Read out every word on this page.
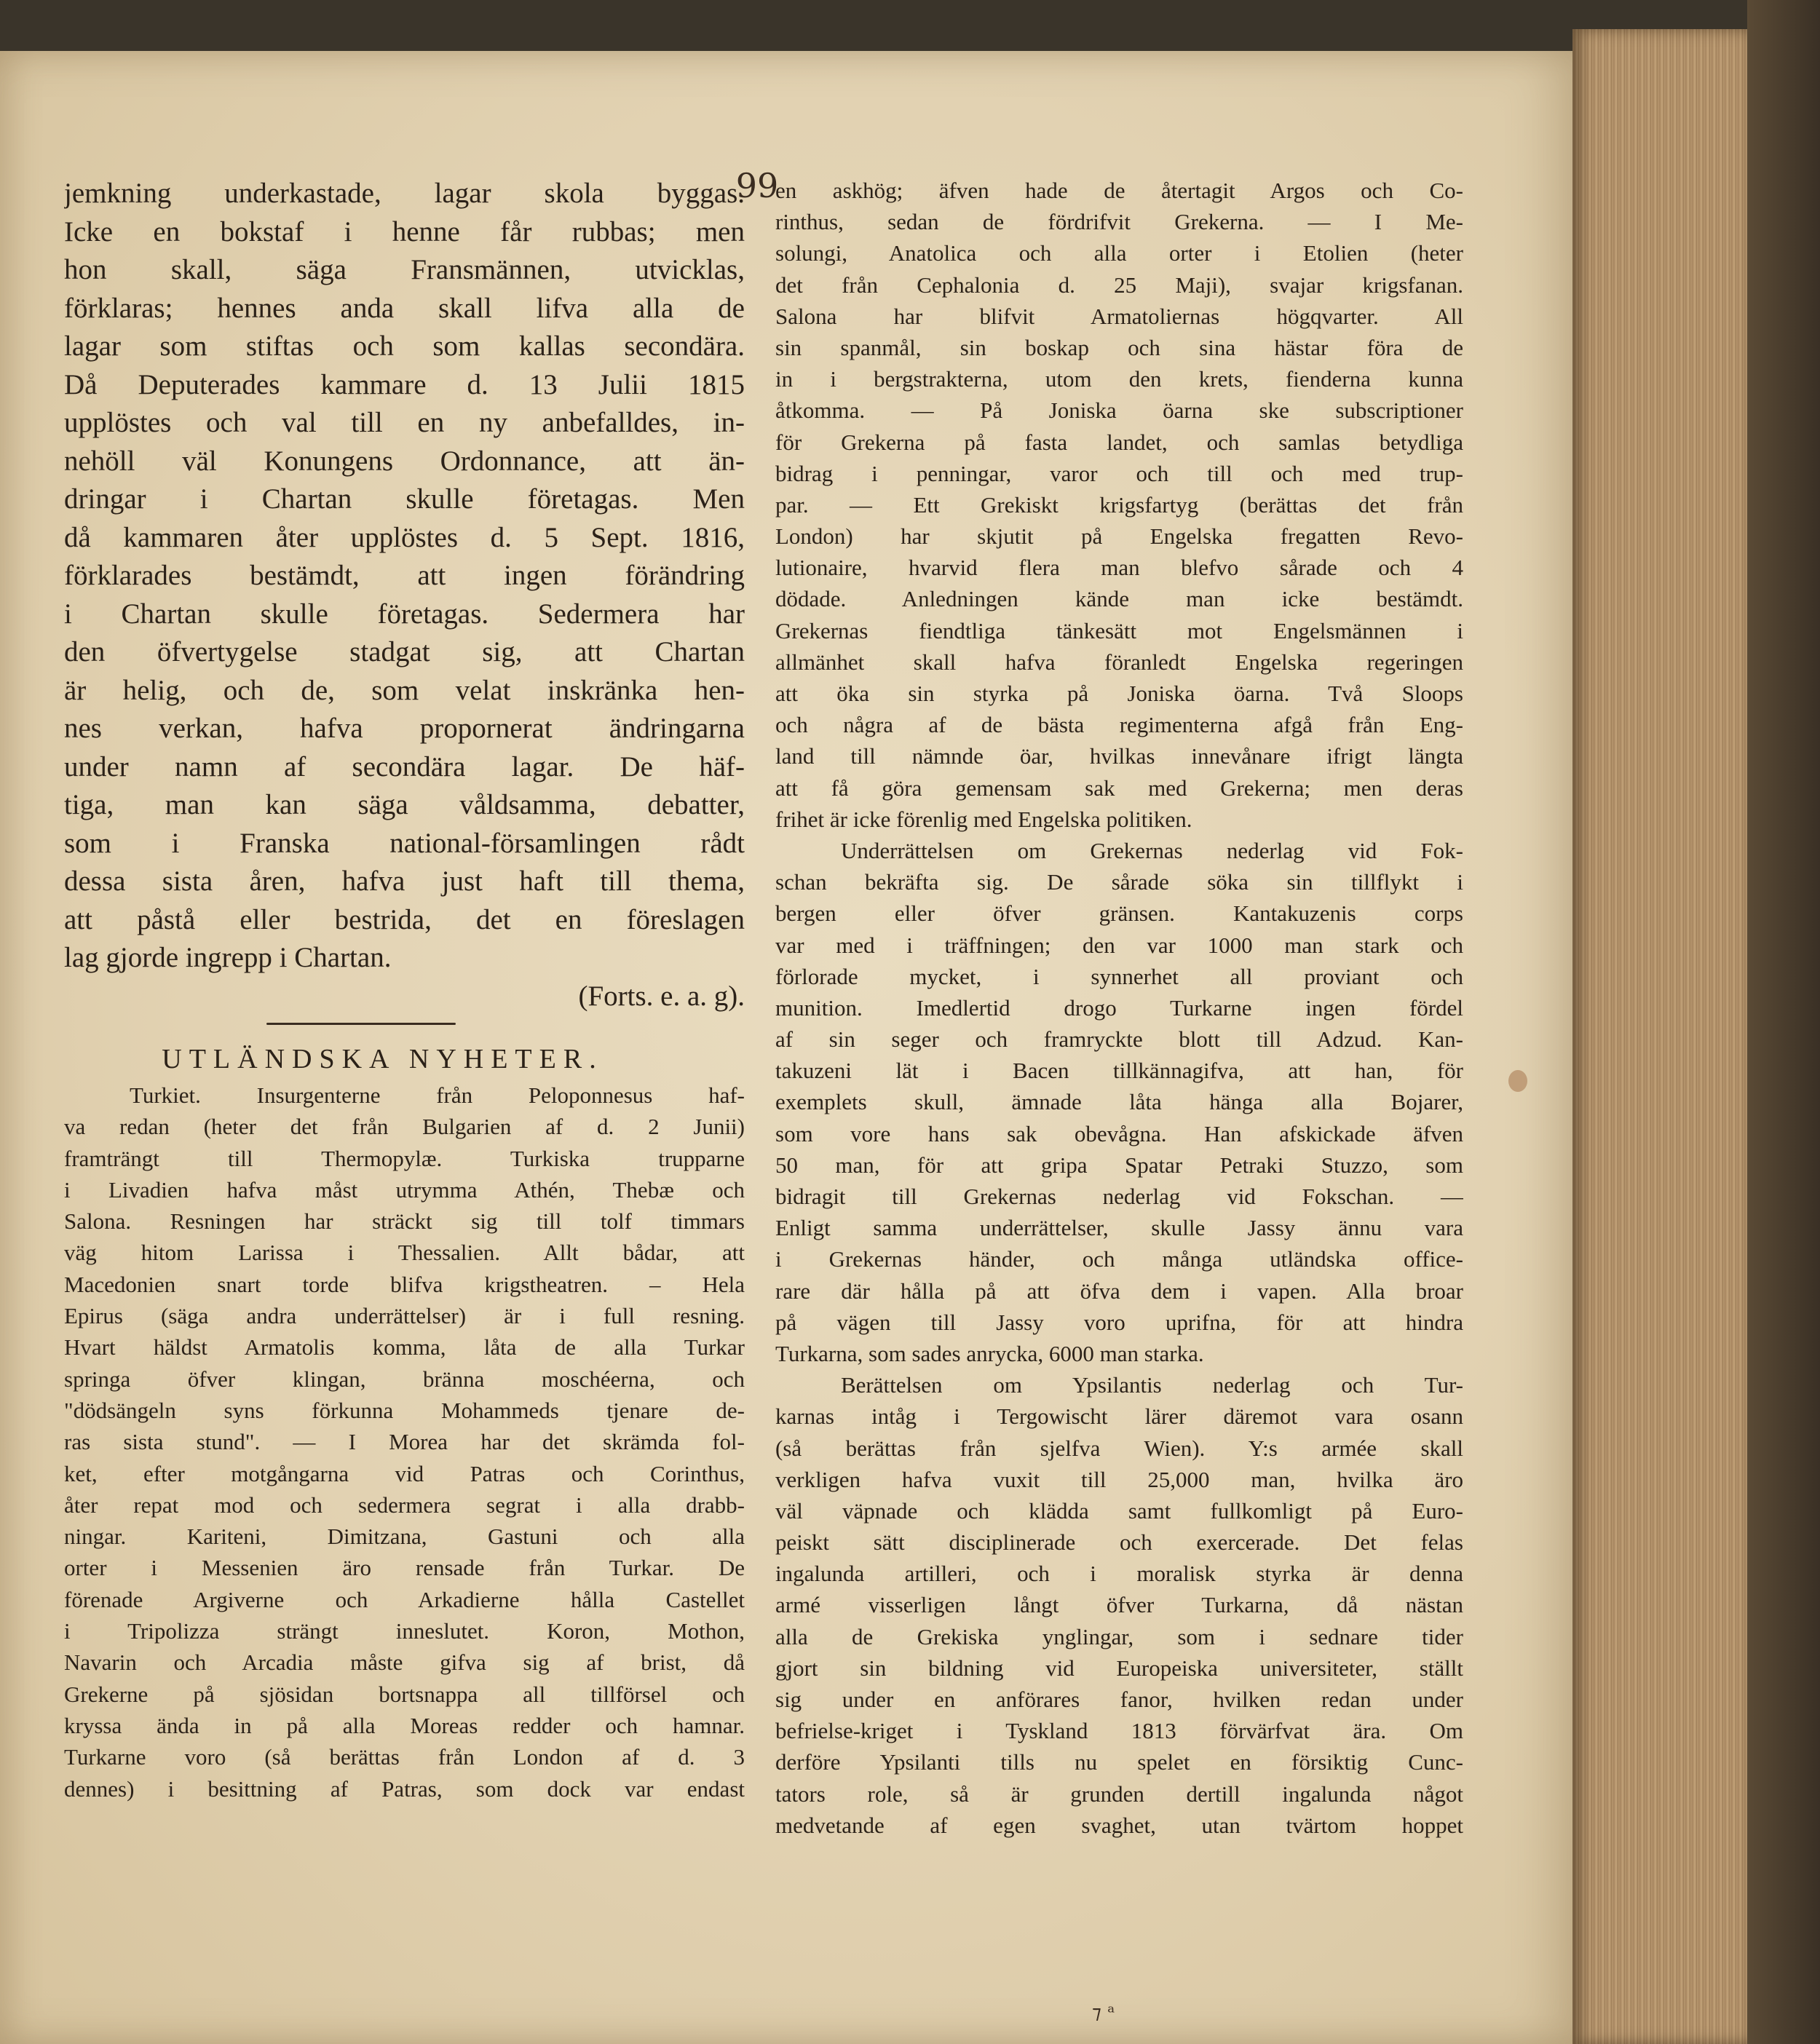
99
jemkning underkastade, lagar skola byggas.
Icke en bokstaf i henne får rubbas; men
hon skall, säga Fransmännen, utvicklas,
förklaras; hennes anda skall lifva alla de
lagar som stiftas och som kallas secondära.
Då Deputerades kammare d. 13 Julii 1815
upplöstes och val till en ny anbefalldes, in-
nehöll väl Konungens Ordonnance, att än-
dringar i Chartan skulle företagas. Men
då kammaren åter upplöstes d. 5 Sept. 1816,
förklarades bestämdt, att ingen förändring
i Chartan skulle företagas. Sedermera har
den öfvertygelse stadgat sig, att Chartan
är helig, och de, som velat inskränka hen-
nes verkan, hafva propornerat ändringarna
under namn af secondära lagar. De häf-
tiga, man kan säga våldsamma, debatter,
som i Franska national-församlingen rådt
dessa sista åren, hafva just haft till thema,
att påstå eller bestrida, det en föreslagen
lag gjorde ingrepp i Chartan.
(Forts. e. a. g).
UTLÄNDSKA NYHETER.
Turkiet. Insurgenterne från Peloponnesus haf-
va redan (heter det från Bulgarien af d. 2 Junii)
framträngt till Thermopylæ. Turkiska trupparne
i Livadien hafva måst utrymma Athén, Thebæ och
Salona. Resningen har sträckt sig till tolf timmars
väg hitom Larissa i Thessalien. Allt bådar, att
Macedonien snart torde blifva krigstheatren. – Hela
Epirus (säga andra underrättelser) är i full resning.
Hvart häldst Armatolis komma, låta de alla Turkar
springa öfver klingan, bränna moschéerna, och
"dödsängeln syns förkunna Mohammeds tjenare de-
ras sista stund". — I Morea har det skrämda fol-
ket, efter motgångarna vid Patras och Corinthus,
åter repat mod och sedermera segrat i alla drabb-
ningar. Kariteni, Dimitzana, Gastuni och alla
orter i Messenien äro rensade från Turkar. De
förenade Argiverne och Arkadierne hålla Castellet
i Tripolizza strängt inneslutet. Koron, Mothon,
Navarin och Arcadia måste gifva sig af brist, då
Grekerne på sjösidan bortsnappa all tillförsel och
kryssa ända in på alla Moreas redder och hamnar.
Turkarne voro (så berättas från London af d. 3
dennes) i besittning af Patras, som dock var endast
en askhög; äfven hade de återtagit Argos och Co-
rinthus, sedan de fördrifvit Grekerna. — I Me-
solungi, Anatolica och alla orter i Etolien (heter
det från Cephalonia d. 25 Maji), svajar krigsfanan.
Salona har blifvit Armatoliernas högqvarter. All
sin spanmål, sin boskap och sina hästar föra de
in i bergstrakterna, utom den krets, fienderna kunna
åtkomma. — På Joniska öarna ske subscriptioner
för Grekerna på fasta landet, och samlas betydliga
bidrag i penningar, varor och till och med trup-
par. — Ett Grekiskt krigsfartyg (berättas det från
London) har skjutit på Engelska fregatten Revo-
lutionaire, hvarvid flera man blefvo sårade och 4
dödade. Anledningen kände man icke bestämdt.
Grekernas fiendtliga tänkesätt mot Engelsmännen i
allmänhet skall hafva föranledt Engelska regeringen
att öka sin styrka på Joniska öarna. Två Sloops
och några af de bästa regimenterna afgå från Eng-
land till nämnde öar, hvilkas innevånare ifrigt längta
att få göra gemensam sak med Grekerna; men deras
frihet är icke förenlig med Engelska politiken.
Underrättelsen om Grekernas nederlag vid Fok-
schan bekräfta sig. De sårade söka sin tillflykt i
bergen eller öfver gränsen. Kantakuzenis corps
var med i träffningen; den var 1000 man stark och
förlorade mycket, i synnerhet all proviant och
munition. Imedlertid drogo Turkarne ingen fördel
af sin seger och framryckte blott till Adzud. Kan-
takuzeni lät i Bacen tillkännagifva, att han, för
exemplets skull, ämnade låta hänga alla Bojarer,
som vore hans sak obevågna. Han afskickade äfven
50 man, för att gripa Spatar Petraki Stuzzo, som
bidragit till Grekernas nederlag vid Fokschan. —
Enligt samma underrättelser, skulle Jassy ännu vara
i Grekernas händer, och många utländska office-
rare där hålla på att öfva dem i vapen. Alla broar
på vägen till Jassy voro uprifna, för att hindra
Turkarna, som sades anrycka, 6000 man starka.
Berättelsen om Ypsilantis nederlag och Tur-
karnas intåg i Tergowischt lärer däremot vara osann
(så berättas från sjelfva Wien). Y:s armée skall
verkligen hafva vuxit till 25,000 man, hvilka äro
väl väpnade och klädda samt fullkomligt på Euro-
peiskt sätt disciplinerade och exercerade. Det felas
ingalunda artilleri, och i moralisk styrka är denna
armé visserligen långt öfver Turkarna, då nästan
alla de Grekiska ynglingar, som i sednare tider
gjort sin bildning vid Europeiska universiteter, ställt
sig under en anförares fanor, hvilken redan under
befrielse-kriget i Tyskland 1813 förvärfvat ära. Om
derföre Ypsilanti tills nu spelet en försiktig Cunc-
tators role, så är grunden dertill ingalunda något
medvetande af egen svaghet, utan tvärtom hoppet
⁊ ᵃ
